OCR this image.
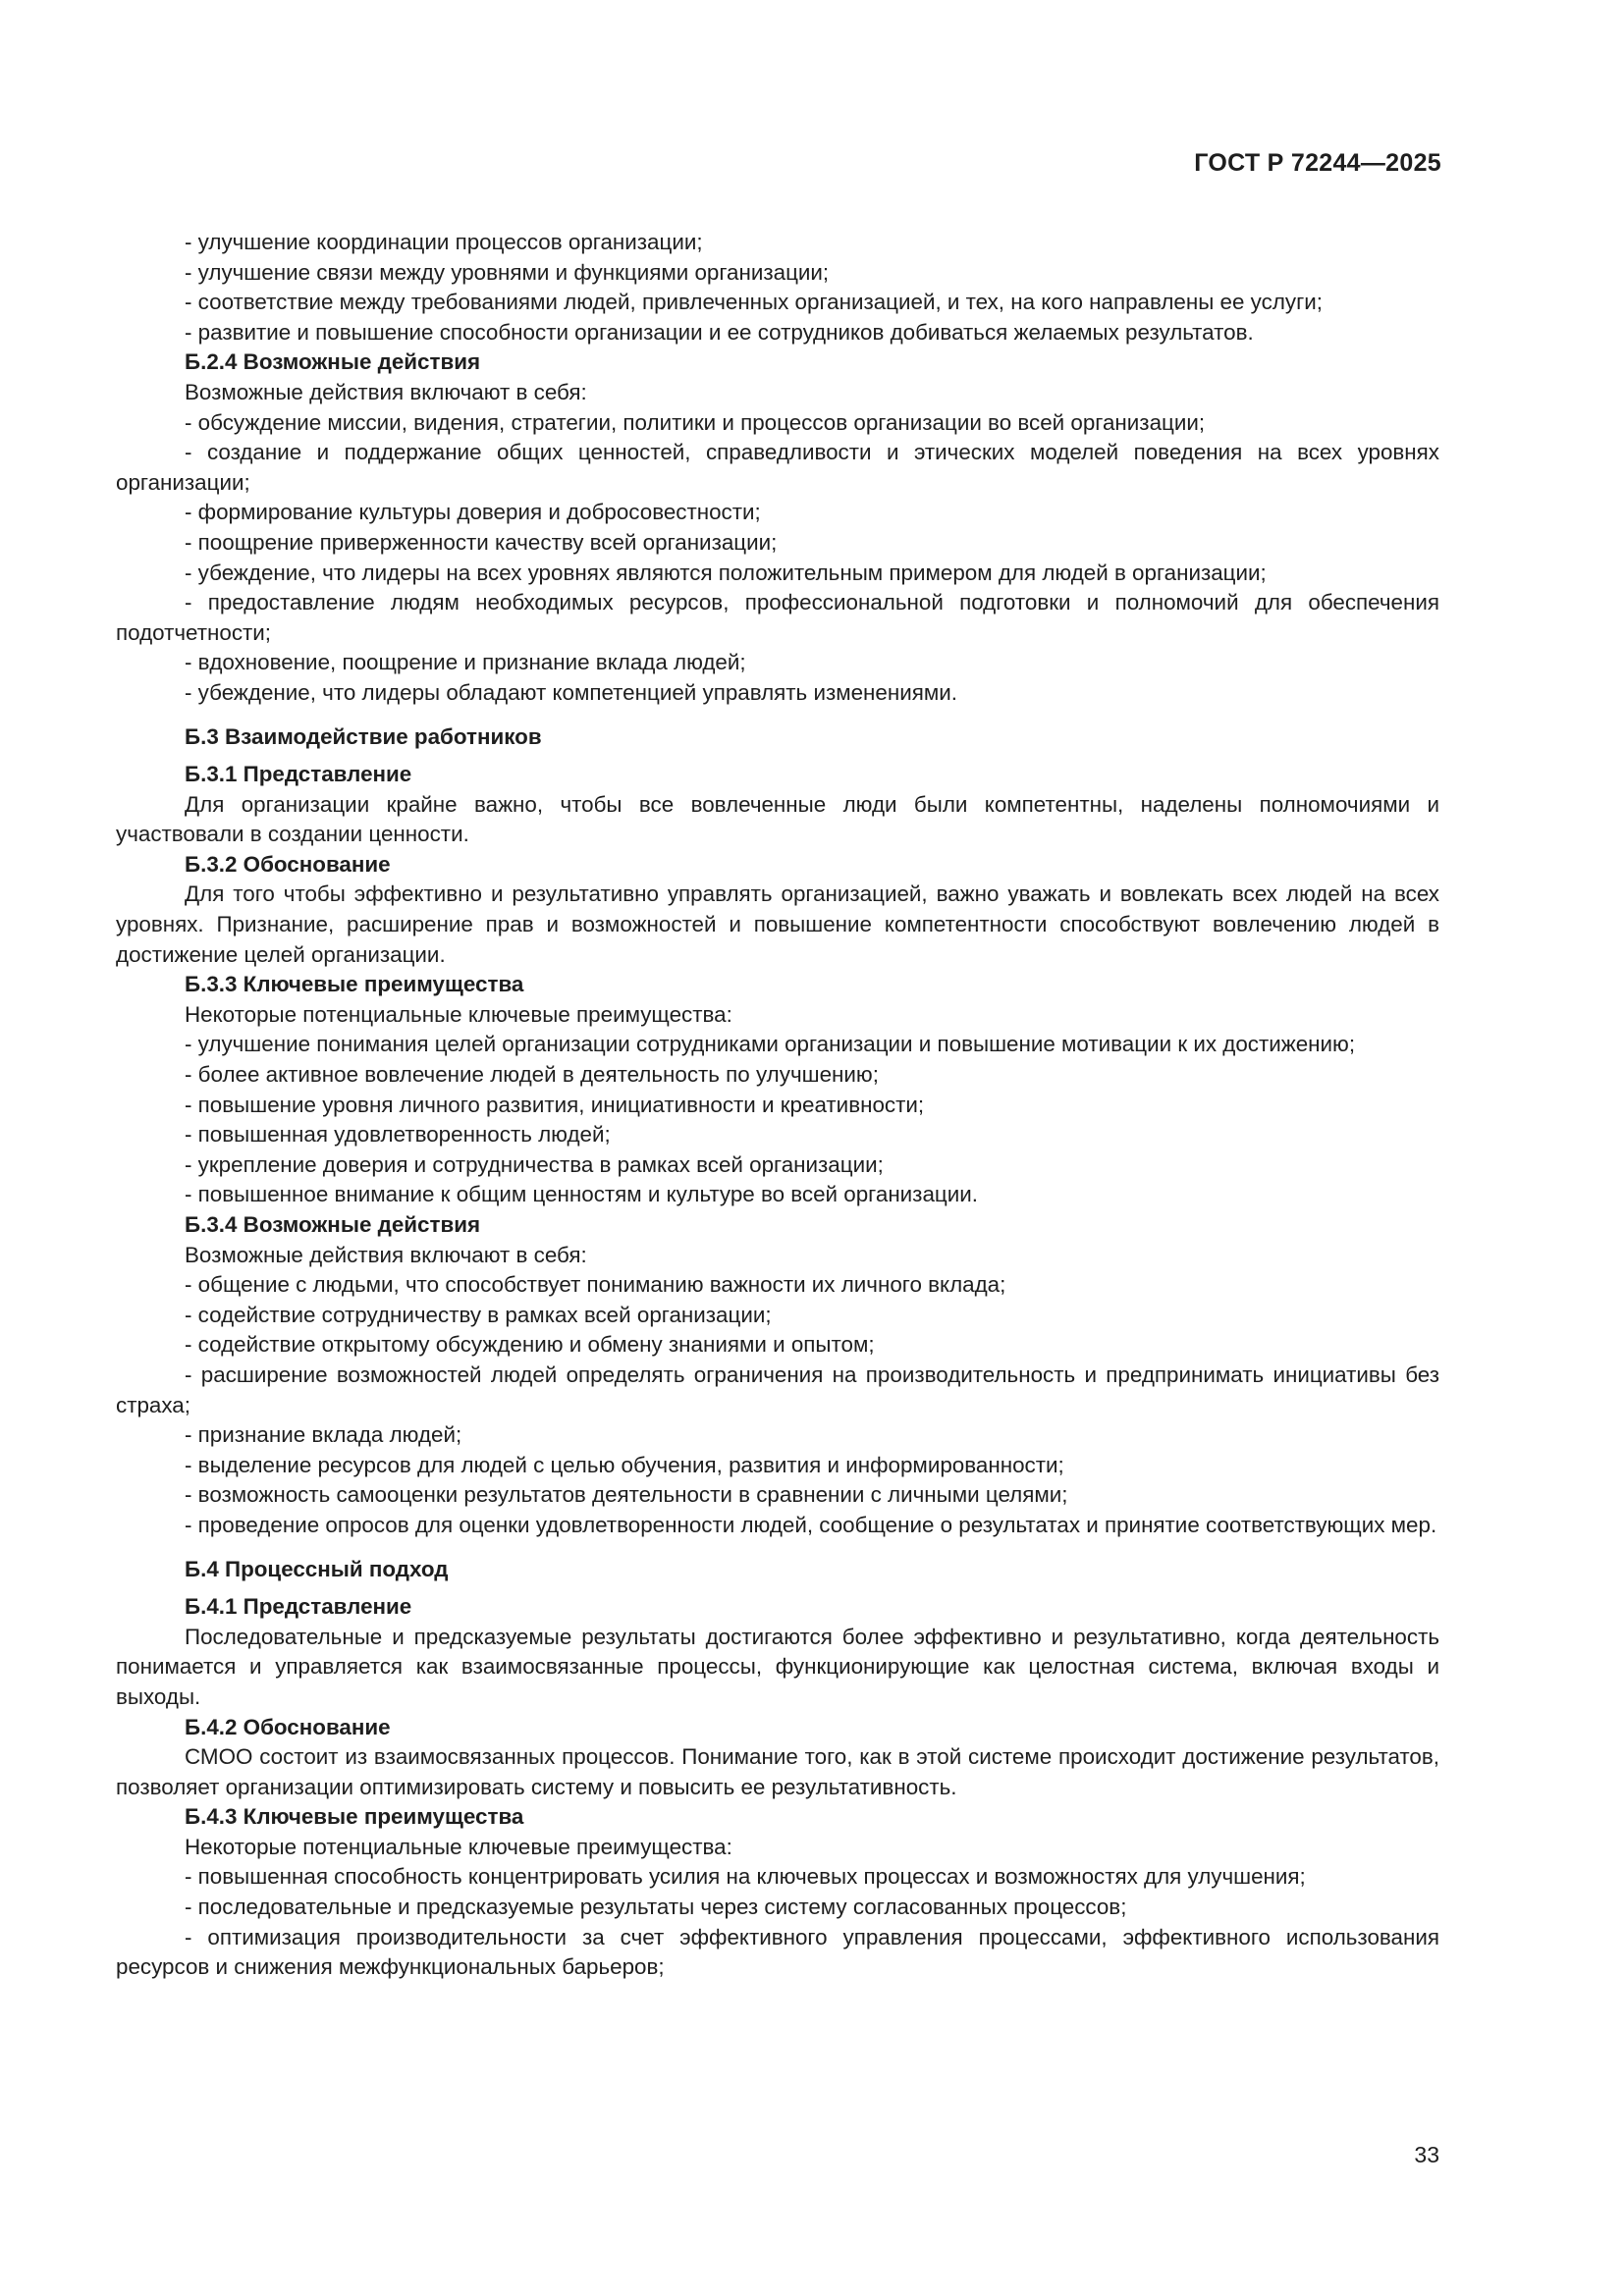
ГОСТ Р 72244—2025

- улучшение координации процессов организации;

- улучшение связи между уровнями и функциями организации;

- соответствие между требованиями людей, привлеченных организацией, и тех, на кого направлены ее услуги;

- развитие и повышение способности организации и ее сотрудников добиваться желаемых результатов.

Б.2.4 Возможные действия

Возможные действия включают в себя:

- обсуждение миссии, видения, стратегии, политики и процессов организации во всей организации;

- создание и поддержание общих ценностей, справедливости и этических моделей поведения на всех уровнях организации;

- формирование культуры доверия и добросовестности;

- поощрение приверженности качеству всей организации;

- убеждение, что лидеры на всех уровнях являются положительным примером для людей в организации;

- предоставление людям необходимых ресурсов, профессиональной подготовки и полномочий для обеспечения подотчетности;

- вдохновение, поощрение и признание вклада людей;

- убеждение, что лидеры обладают компетенцией управлять изменениями.

Б.3 Взаимодействие работников

Б.3.1 Представление

Для организации крайне важно, чтобы все вовлеченные люди были компетентны, наделены полномочиями и участвовали в создании ценности.

Б.3.2 Обоснование

Для того чтобы эффективно и результативно управлять организацией, важно уважать и вовлекать всех людей на всех уровнях. Признание, расширение прав и возможностей и повышение компетентности способствуют вовлечению людей в достижение целей организации.

Б.3.3 Ключевые преимущества

Некоторые потенциальные ключевые преимущества:

- улучшение понимания целей организации сотрудниками организации и повышение мотивации к их достижению;

- более активное вовлечение людей в деятельность по улучшению;

- повышение уровня личного развития, инициативности и креативности;

- повышенная удовлетворенность людей;

- укрепление доверия и сотрудничества в рамках всей организации;

- повышенное внимание к общим ценностям и культуре во всей организации.

Б.3.4 Возможные действия

Возможные действия включают в себя:

- общение с людьми, что способствует пониманию важности их личного вклада;

- содействие сотрудничеству в рамках всей организации;

- содействие открытому обсуждению и обмену знаниями и опытом;

- расширение возможностей людей определять ограничения на производительность и предпринимать инициативы без страха;

- признание вклада людей;

- выделение ресурсов для людей с целью обучения, развития и информированности;

- возможность самооценки результатов деятельности в сравнении с личными целями;

- проведение опросов для оценки удовлетворенности людей, сообщение о результатах и принятие соответствующих мер.

Б.4 Процессный подход

Б.4.1 Представление

Последовательные и предсказуемые результаты достигаются более эффективно и результативно, когда деятельность понимается и управляется как взаимосвязанные процессы, функционирующие как целостная система, включая входы и выходы.

Б.4.2 Обоснование

СМОО состоит из взаимосвязанных процессов. Понимание того, как в этой системе происходит достижение результатов, позволяет организации оптимизировать систему и повысить ее результативность.

Б.4.3 Ключевые преимущества

Некоторые потенциальные ключевые преимущества:

- повышенная способность концентрировать усилия на ключевых процессах и возможностях для улучшения;

- последовательные и предсказуемые результаты через систему согласованных процессов;

- оптимизация производительности за счет эффективного управления процессами, эффективного использования ресурсов и снижения межфункциональных барьеров;

33
